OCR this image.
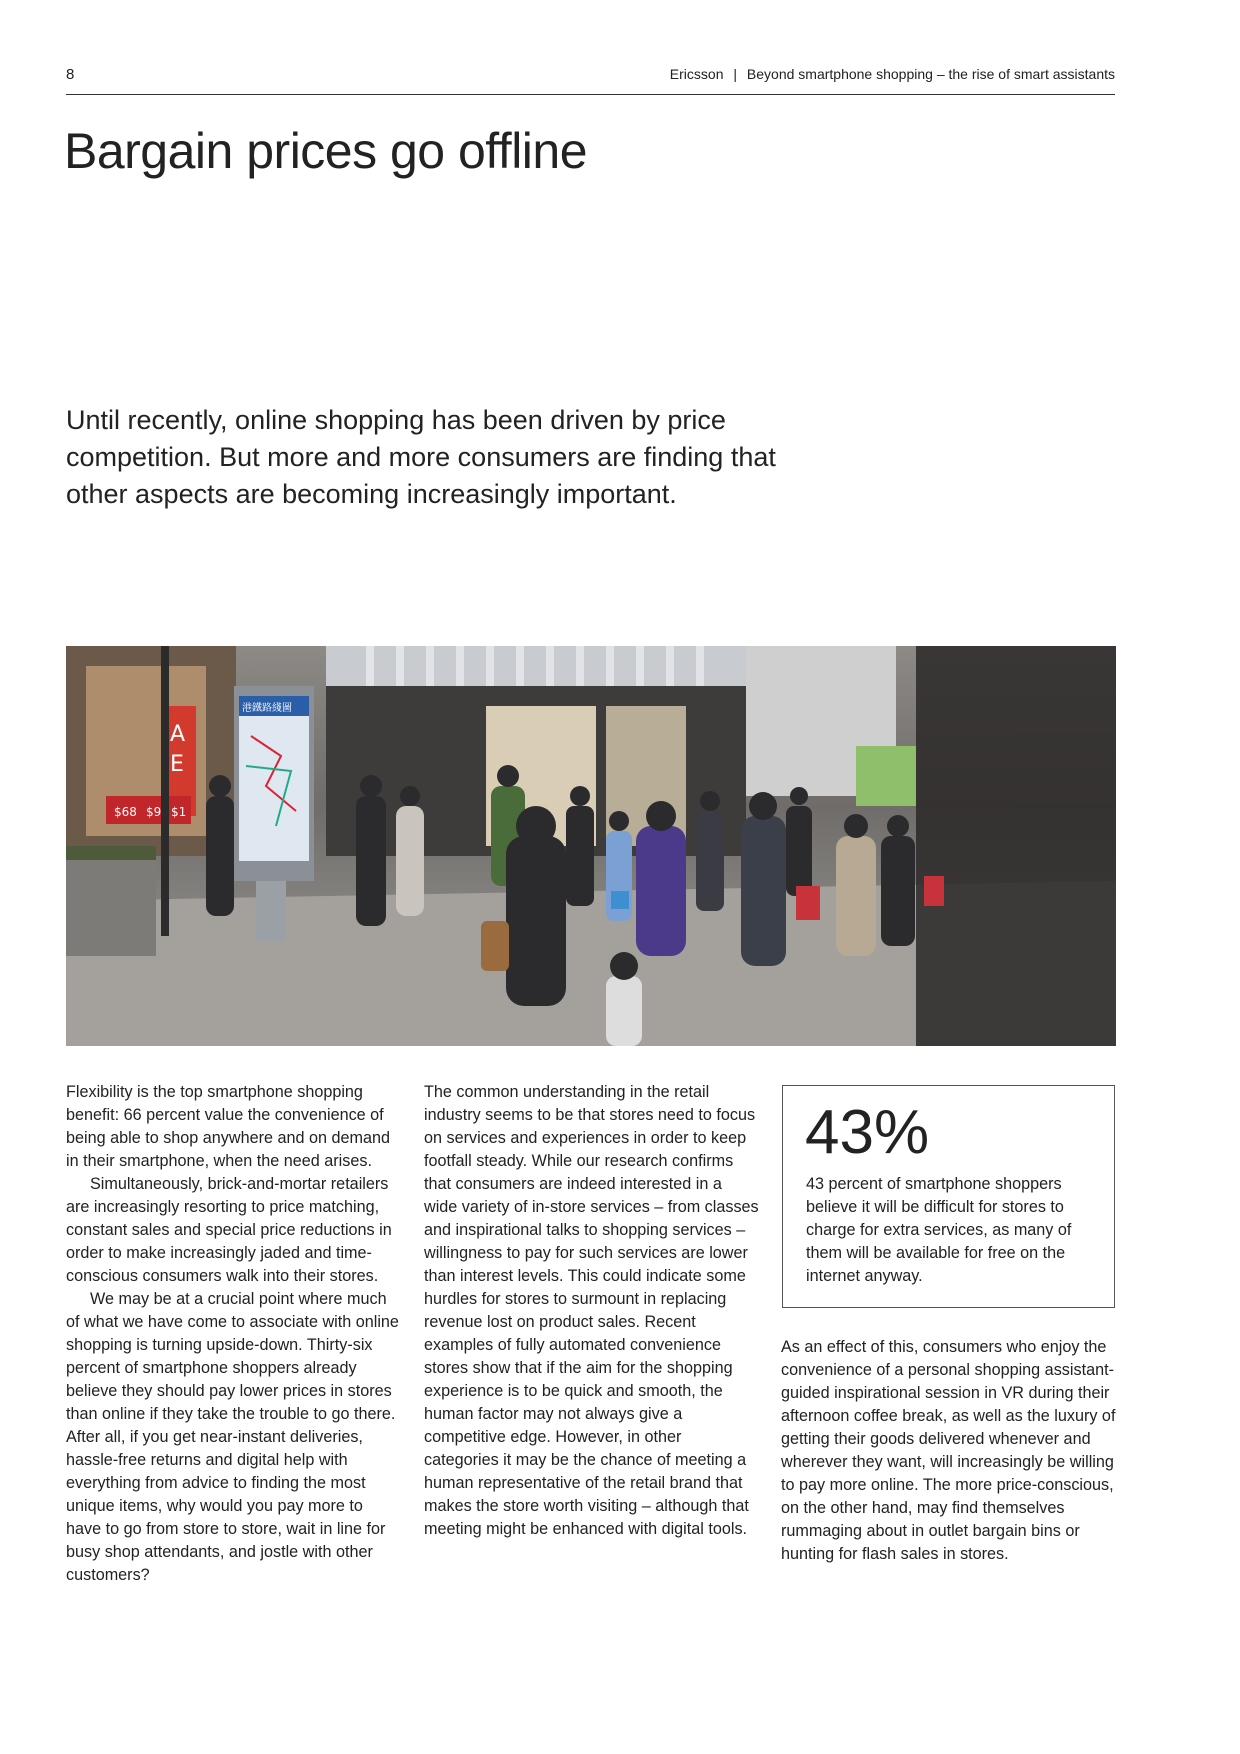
8	Ericsson | Beyond smartphone shopping – the rise of smart assistants
Bargain prices go offline

Until recently, online shopping has been driven by price competition. But more and more consumers are finding that other aspects are becoming increasingly important.

A
E
$68 $9 $1
港鐵路綫圖

Flexibility is the top smartphone shopping benefit: 66 percent value the convenience of being able to shop anywhere and on demand in their smartphone, when the need arises.

Simultaneously, brick-and-mortar retailers are increasingly resorting to price matching, constant sales and special price reductions in order to make increasingly jaded and time-conscious consumers walk into their stores.

We may be at a crucial point where much of what we have come to associate with online shopping is turning upside-down. Thirty-six percent of smartphone shoppers already believe they should pay lower prices in stores than online if they take the trouble to go there. After all, if you get near-instant deliveries, hassle-free returns and digital help with everything from advice to finding the most unique items, why would you pay more to have to go from store to store, wait in line for busy shop attendants, and jostle with other customers?

The common understanding in the retail industry seems to be that stores need to focus on services and experiences in order to keep footfall steady. While our research confirms that consumers are indeed interested in a wide variety of in-store services – from classes and inspirational talks to shopping services – willingness to pay for such services are lower than interest levels. This could indicate some hurdles for stores to surmount in replacing revenue lost on product sales. Recent examples of fully automated convenience stores show that if the aim for the shopping experience is to be quick and smooth, the human factor may not always give a competitive edge. However, in other categories it may be the chance of meeting a human representative of the retail brand that makes the store worth visiting – although that meeting might be enhanced with digital tools.

43%

43 percent of smartphone shoppers believe it will be difficult for stores to charge for extra services, as many of them will be available for free on the internet anyway.

As an effect of this, consumers who enjoy the convenience of a personal shopping assistant-guided inspirational session in VR during their afternoon coffee break, as well as the luxury of getting their goods delivered whenever and wherever they want, will increasingly be willing to pay more online. The more price-conscious, on the other hand, may find themselves rummaging about in outlet bargain bins or hunting for flash sales in stores.
